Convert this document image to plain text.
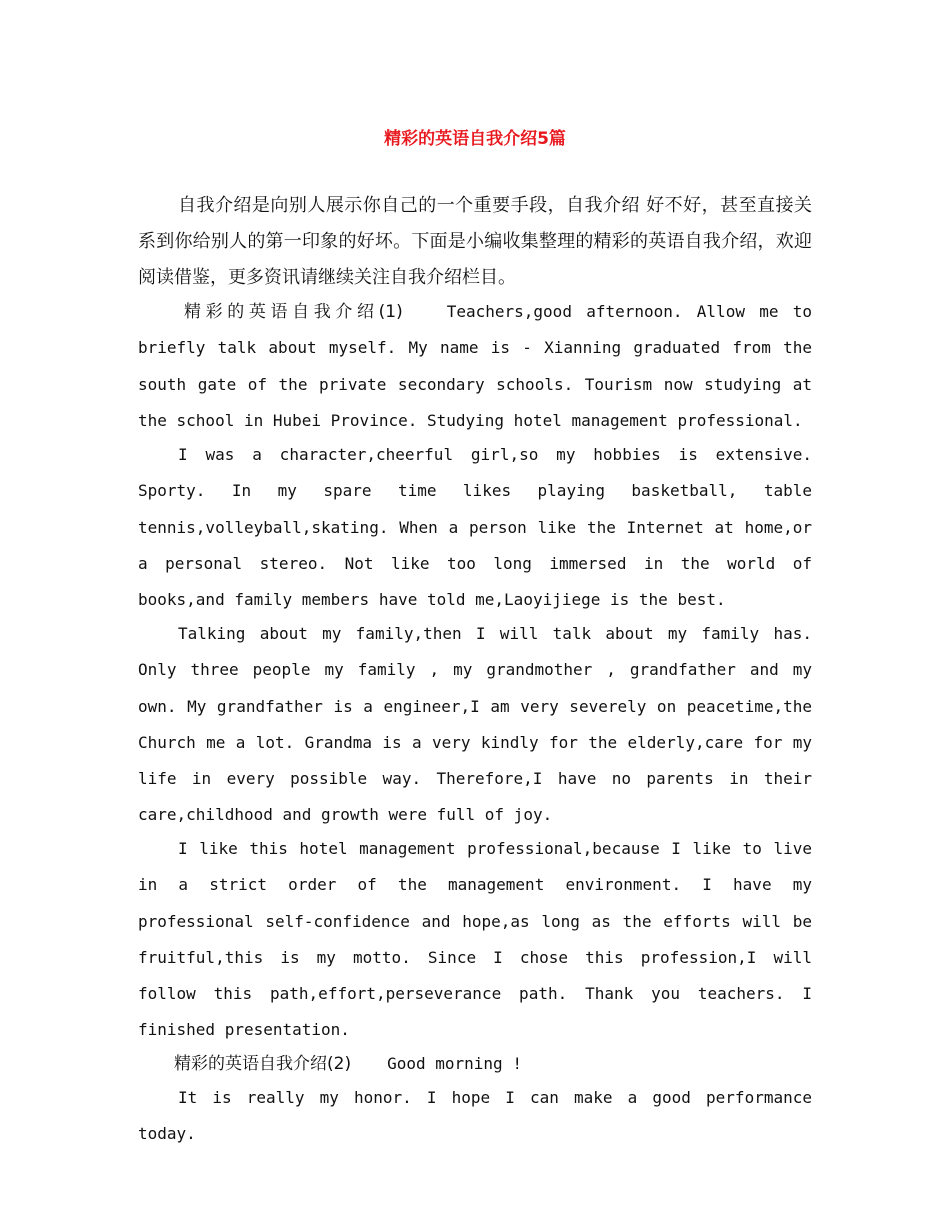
精彩的英语自我介绍5篇

自我介绍是向别人展示你自己的一个重要手段，自我介绍 好不好，甚至直接关系到你给别人的第一印象的好坏。下面是小编收集整理的精彩的英语自我介绍，欢迎阅读借鉴，更多资讯请继续关注自我介绍栏目。

精彩的英语自我介绍(1)	Teachers,good afternoon. Allow me to briefly talk about myself. My name is - Xianning graduated from the south gate of the private secondary schools. Tourism now studying at the school in Hubei Province. Studying hotel management professional.

I was a character,cheerful girl,so my hobbies is extensive. Sporty. In my spare time likes playing basketball, table tennis,volleyball,skating. When a person like the Internet at home,or a personal stereo. Not like too long immersed in the world of books,and family members have told me,Laoyijiege is the best.

Talking about my family,then I will talk about my family has. Only three people my family , my grandmother , grandfather and my own. My grandfather is a engineer,I am very severely on peacetime,the Church me a lot. Grandma is a very kindly for the elderly,care for my life in every possible way. Therefore,I have no parents in their care,childhood and growth were full of joy.

I like this hotel management professional,because I like to live in a strict order of the management environment. I have my professional self-confidence and hope,as long as the efforts will be fruitful,this is my motto. Since I chose this profession,I will follow this path,effort,perseverance path. Thank you teachers. I finished presentation.

精彩的英语自我介绍(2) Good morning !

It is really my honor. I hope I can make a good performance today.
